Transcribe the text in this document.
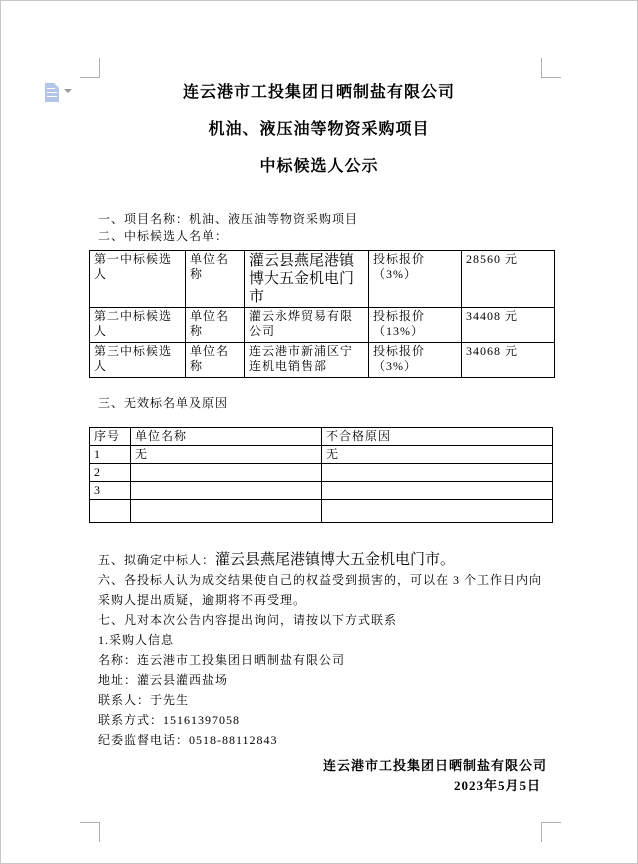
连云港市工投集团日晒制盐有限公司

机油、液压油等物资采购项目

中标候选人公示

一、项目名称：机油、液压油等物资采购项目

二、中标候选人名单：

第一中标候选人	单位名称	灌云县燕尾港镇博大五金机电门市	投标报价（3%）	28560 元
第二中标候选人	单位名称	灌云永烨贸易有限公司	投标报价（13%）	34408 元
第三中标候选人	单位名称	连云港市新浦区宁连机电销售部	投标报价（3%）	34068 元

三、无效标名单及原因

序号	单位名称	不合格原因
1	无	无
2		
3		

五、拟确定中标人：灌云县燕尾港镇博大五金机电门市。

六、各投标人认为成交结果使自己的权益受到损害的，可以在 3 个工作日内向采购人提出质疑，逾期将不再受理。

七、凡对本次公告内容提出询问，请按以下方式联系

1.采购人信息

名称：连云港市工投集团日晒制盐有限公司

地址：灌云县灌西盐场

联系人：于先生

联系方式：15161397058

纪委监督电话：0518-88112843

连云港市工投集团日晒制盐有限公司

2023年5月5日
